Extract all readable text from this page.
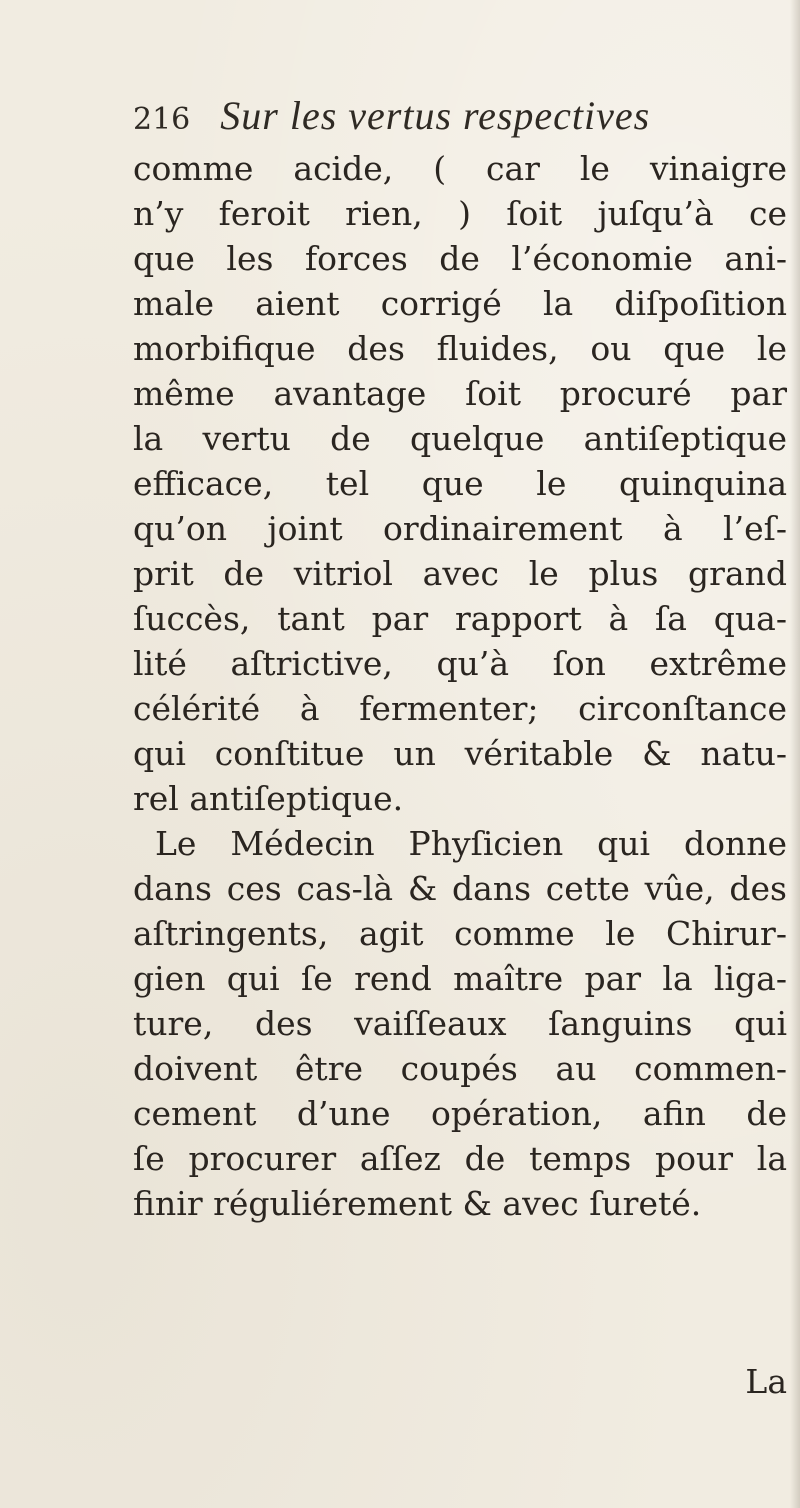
216 Sur les vertus respectives
comme acide, ( car le vinaigre
n’y feroit rien, ) ſoit juſqu’à ce
que les forces de l’économie ani-
male aient corrigé la diſpoſition
morbifique des fluides, ou que le
même avantage ſoit procuré par
la vertu de quelque antiſeptique
efficace, tel que le quinquina
qu’on joint ordinairement à l’eſ-
prit de vitriol avec le plus grand
ſuccès, tant par rapport à ſa qua-
lité aſtrictive, qu’à ſon extrême
célérité à fermenter; circonſtance
qui conſtitue un véritable & natu-
rel antiſeptique.
Le Médecin Phyſicien qui donne
dans ces cas-là & dans cette vûe, des
aſtringents, agit comme le Chirur-
gien qui ſe rend maître par la liga-
ture, des vaiſſeaux ſanguins qui
doivent être coupés au commen-
cement d’une opération, afin de
ſe procurer aſſez de temps pour la
finir réguliérement & avec ſureté.
La
